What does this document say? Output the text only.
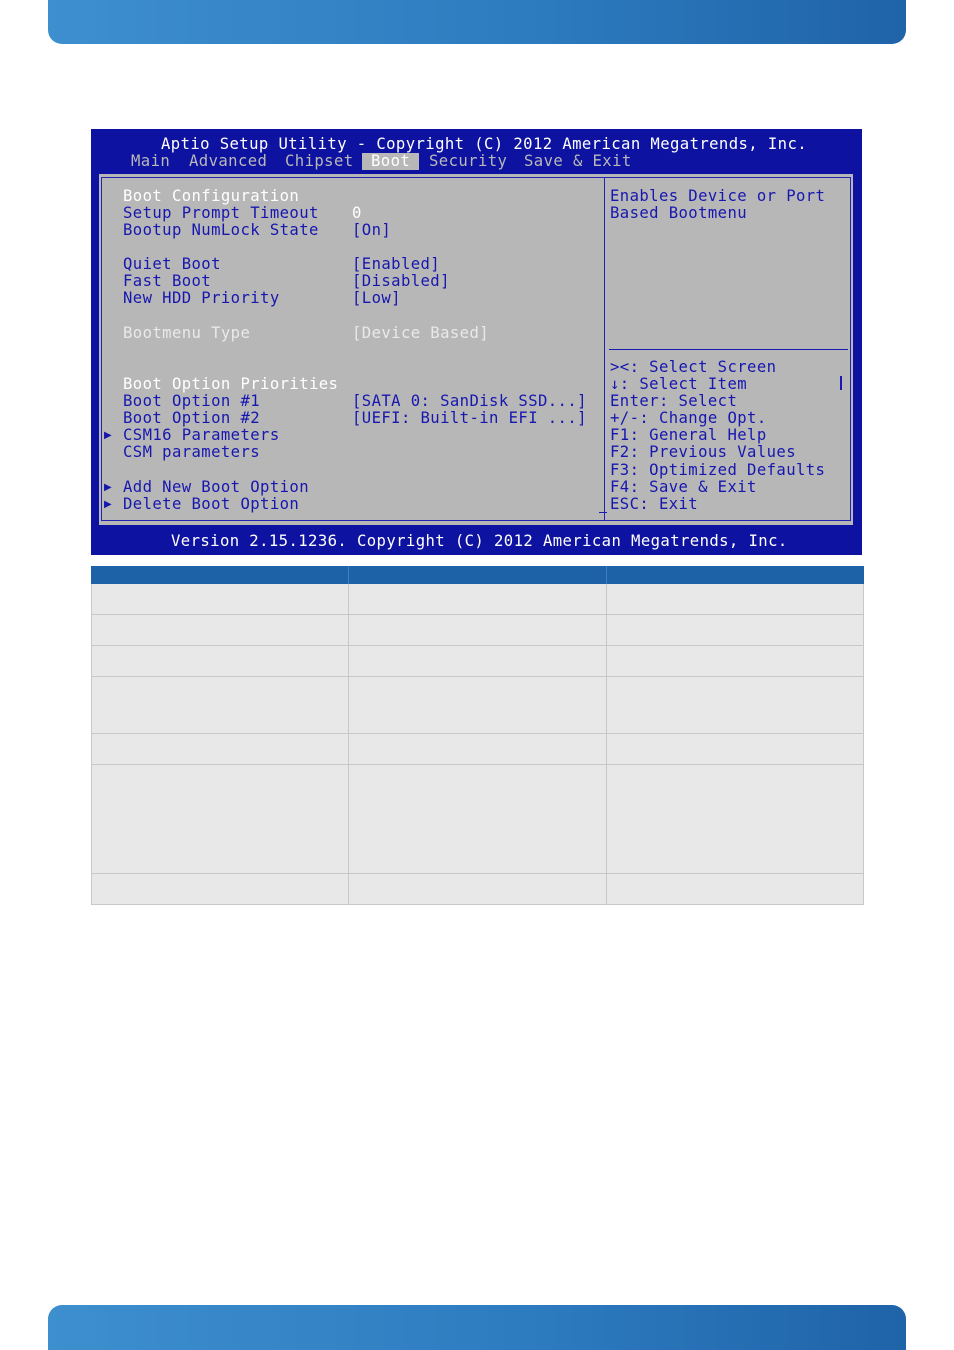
Aptio Setup Utility - Copyright (C) 2012 American Megatrends, Inc.
Main Advanced Chipset	Boot	Security Save & Exit
Boot Configuration
Setup Prompt Timeout 0
Bootup NumLock State [On]
Quiet Boot	[Enabled]
Fast Boot	[Disabled]
New HDD Priority	[Low]
Bootmenu Type	[Device Based]
Boot Option Priorities
Boot Option #1	[SATA 0: SanDisk SSD...]
Boot Option #2	[UEFI: Built-in EFI ...]
▶ CSM16 Parameters
CSM parameters
▶ Add New Boot Option
▶ Delete Boot Option
Enables Device or Port
Based Bootmenu
><: Select Screen
↓: Select Item
Enter: Select
+/-: Change Opt.
F1: General Help
F2: Previous Values
F3: Optimized Defaults
F4: Save & Exit
ESC: Exit
Version 2.15.1236. Copyright (C) 2012 American Megatrends, Inc.
